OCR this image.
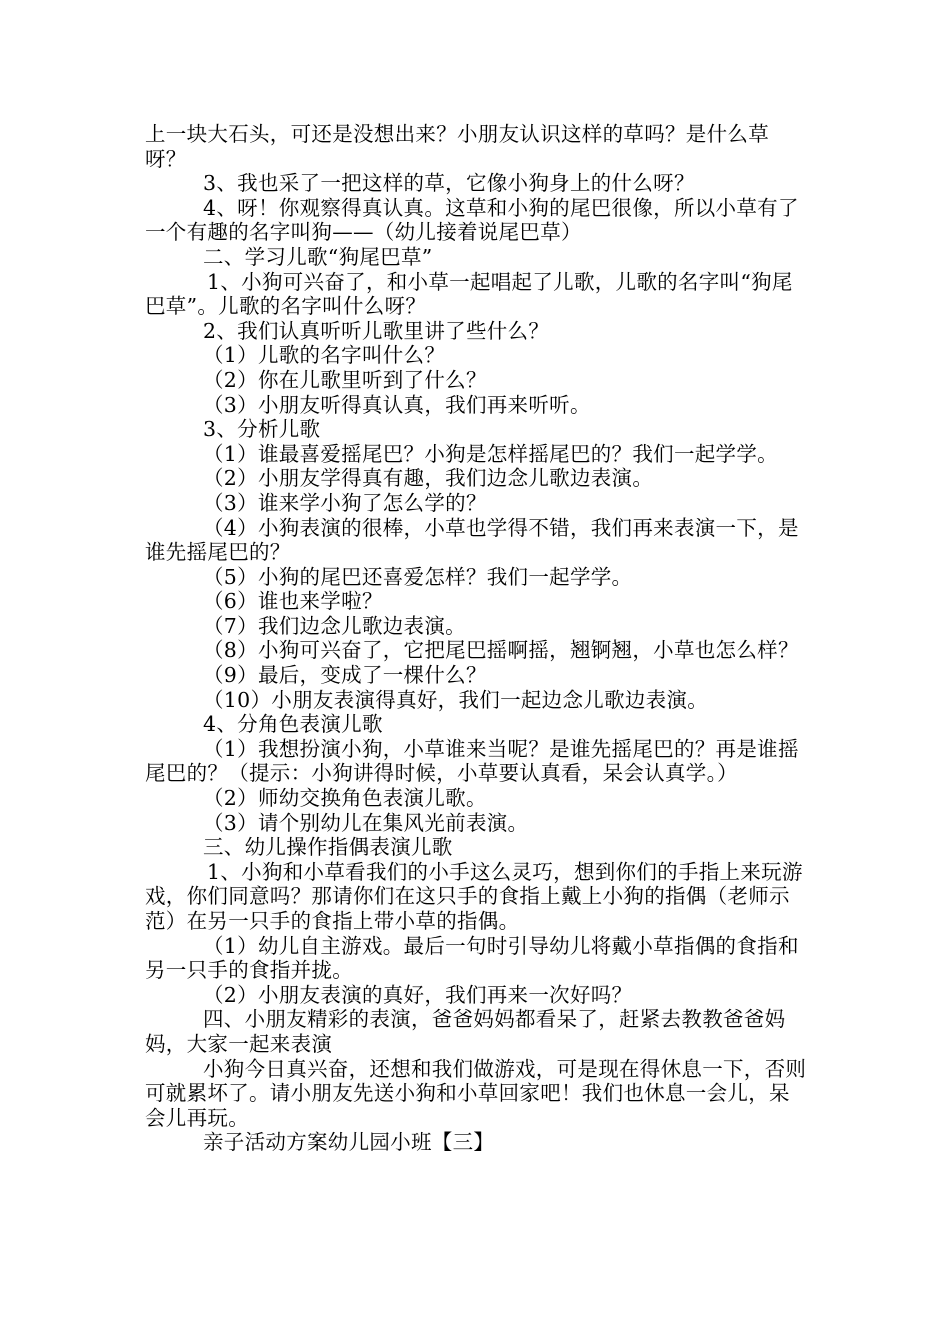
上一块大石头，可还是没想出来？小朋友认识这样的草吗？是什么草呀？

3、我也采了一把这样的草，它像小狗身上的什么呀？

4、呀！你观察得真认真。这草和小狗的尾巴很像，所以小草有了一个有趣的名字叫狗——（幼儿接着说尾巴草）

二、学习儿歌“狗尾巴草”

1、小狗可兴奋了，和小草一起唱起了儿歌，儿歌的名字叫“狗尾巴草”。儿歌的名字叫什么呀？

2、我们认真听听儿歌里讲了些什么？

（1）儿歌的名字叫什么？

（2）你在儿歌里听到了什么？

（3）小朋友听得真认真，我们再来听听。

3、分析儿歌

（1）谁最喜爱摇尾巴？小狗是怎样摇尾巴的？我们一起学学。

（2）小朋友学得真有趣，我们边念儿歌边表演。

（3）谁来学小狗了怎么学的？

（4）小狗表演的很棒，小草也学得不错，我们再来表演一下，是谁先摇尾巴的？

（5）小狗的尾巴还喜爱怎样？我们一起学学。

（6）谁也来学啦？

（7）我们边念儿歌边表演。

（8）小狗可兴奋了，它把尾巴摇啊摇，翘锕翘，小草也怎么样？

（9）最后，变成了一棵什么？

（10）小朋友表演得真好，我们一起边念儿歌边表演。

4、分角色表演儿歌

（1）我想扮演小狗，小草谁来当呢？是谁先摇尾巴的？再是谁摇尾巴的？（提示：小狗讲得时候，小草要认真看，呆会认真学。）

（2）师幼交换角色表演儿歌。

（3）请个别幼儿在集风光前表演。

三、幼儿操作指偶表演儿歌

1、小狗和小草看我们的小手这么灵巧，想到你们的手指上来玩游戏，你们同意吗？那请你们在这只手的食指上戴上小狗的指偶（老师示范）在另一只手的食指上带小草的指偶。

（1）幼儿自主游戏。最后一句时引导幼儿将戴小草指偶的食指和另一只手的食指并拢。

（2）小朋友表演的真好，我们再来一次好吗？

四、小朋友精彩的表演，爸爸妈妈都看呆了，赶紧去教教爸爸妈妈，大家一起来表演

小狗今日真兴奋，还想和我们做游戏，可是现在得休息一下，否则可就累坏了。请小朋友先送小狗和小草回家吧！我们也休息一会儿，呆会儿再玩。

亲子活动方案幼儿园小班【三】
